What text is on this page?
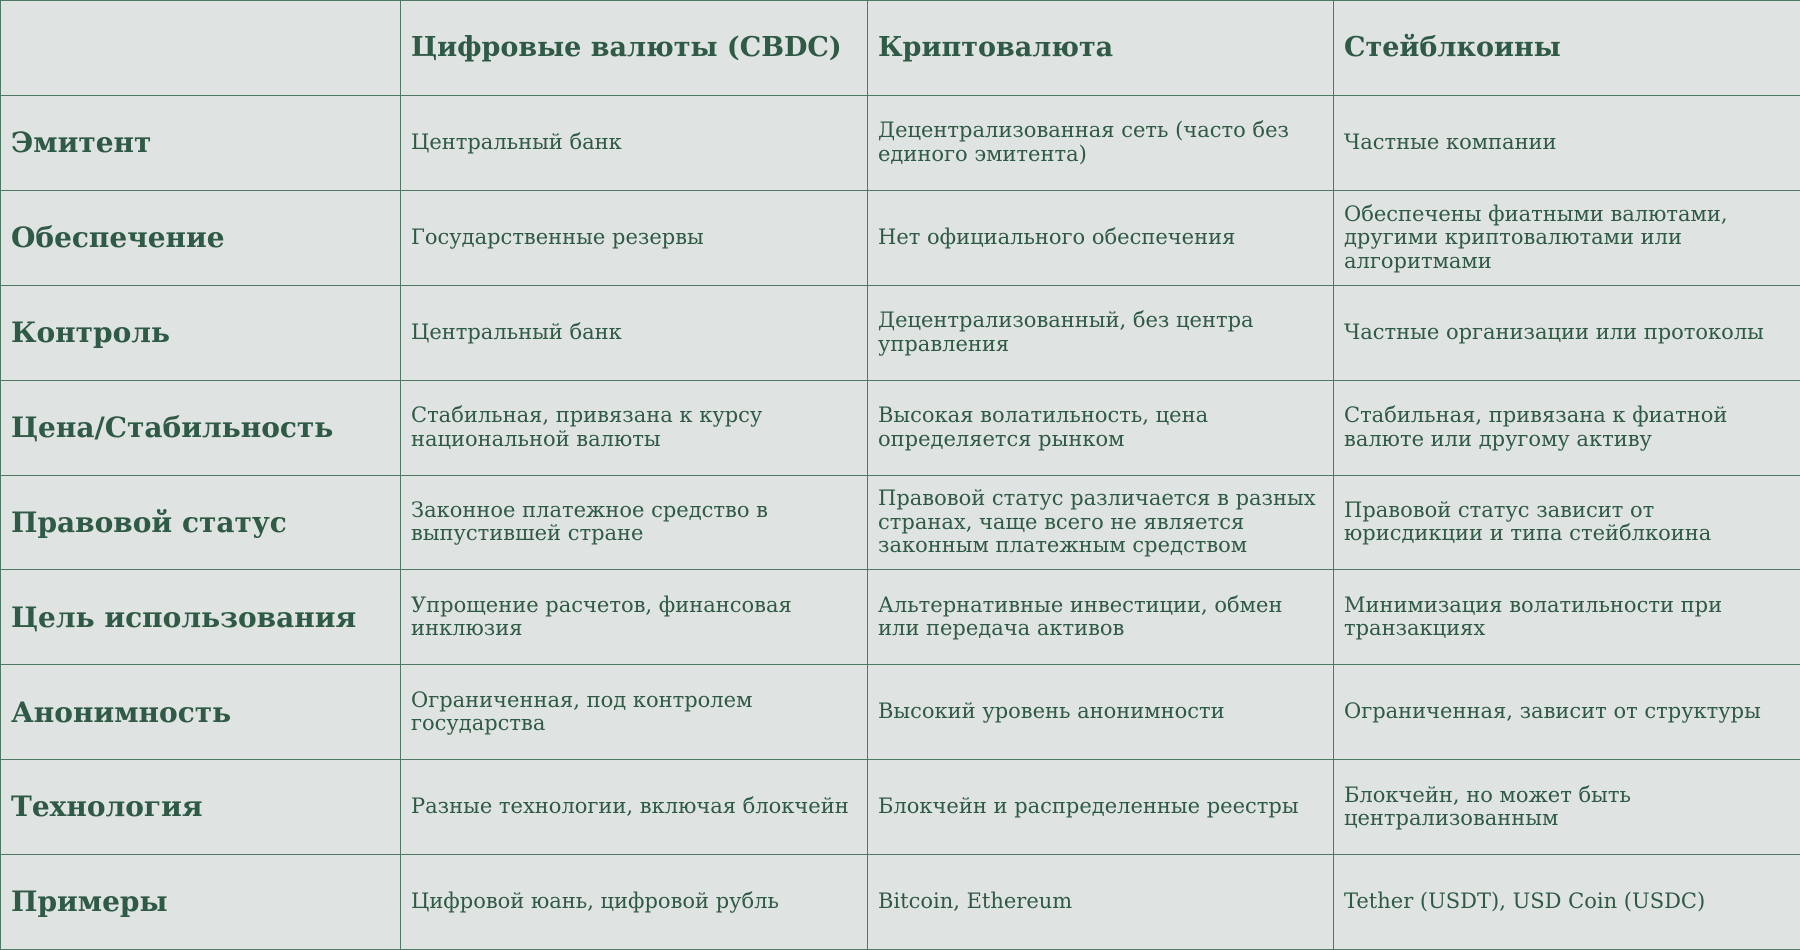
	Цифровые валюты (CBDC)	Криптовалюта	Стейблкоины
Эмитент	Центральный банк	Децентрализованная сеть (часто без единого эмитента)	Частные компании
Обеспечение	Государственные резервы	Нет официального обеспечения	Обеспечены фиатными валютами, другими криптовалютами или алгоритмами
Контроль	Центральный банк	Децентрализованный, без центра управления	Частные организации или протоколы
Цена/Стабильность	Стабильная, привязана к курсу национальной валюты	Высокая волатильность, цена определяется рынком	Стабильная, привязана к фиатной валюте или другому активу
Правовой статус	Законное платежное средство в выпустившей стране	Правовой статус различается в разных странах, чаще всего не является законным платежным средством	Правовой статус зависит от юрисдикции и типа стейблкоина
Цель использования	Упрощение расчетов, финансовая инклюзия	Альтернативные инвестиции, обмен или передача активов	Минимизация волатильности при транзакциях
Анонимность	Ограниченная, под контролем государства	Высокий уровень анонимности	Ограниченная, зависит от структуры
Технология	Разные технологии, включая блокчейн	Блокчейн и распределенные реестры	Блокчейн, но может быть централизованным
Примеры	Цифровой юань, цифровой рубль	Bitcoin, Ethereum	Tether (USDT), USD Coin (USDC)
